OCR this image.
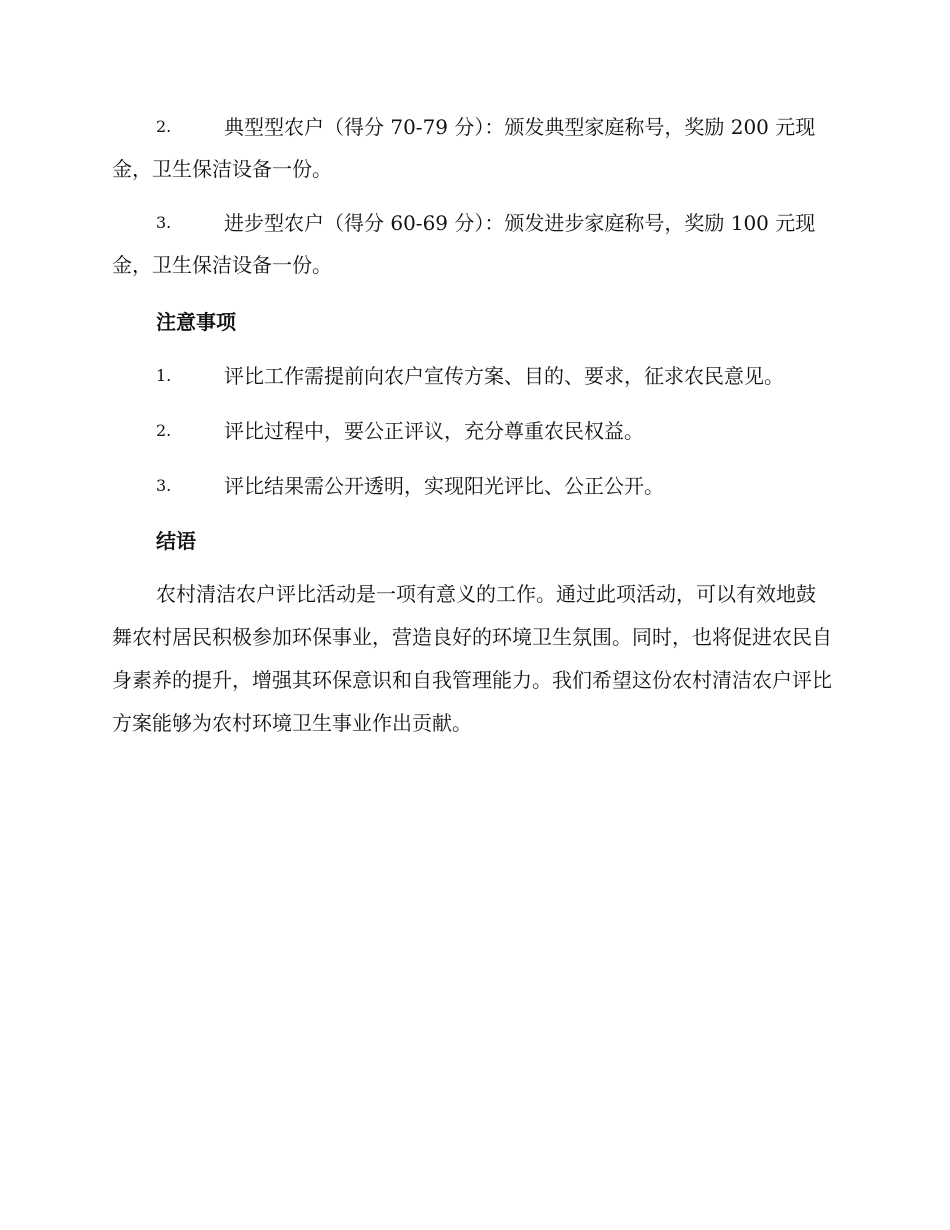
2.	典型型农户（得分 70-79 分）：颁发典型家庭称号，奖励 200 元现金，卫生保洁设备一份。
3.	进步型农户（得分 60-69 分）：颁发进步家庭称号，奖励 100 元现金，卫生保洁设备一份。
注意事项
1.	评比工作需提前向农户宣传方案、目的、要求，征求农民意见。
2.	评比过程中，要公正评议，充分尊重农民权益。
3.	评比结果需公开透明，实现阳光评比、公正公开。
结语
农村清洁农户评比活动是一项有意义的工作。通过此项活动，可以有效地鼓舞农村居民积极参加环保事业，营造良好的环境卫生氛围。同时，也将促进农民自身素养的提升，增强其环保意识和自我管理能力。我们希望这份农村清洁农户评比方案能够为农村环境卫生事业作出贡献。
